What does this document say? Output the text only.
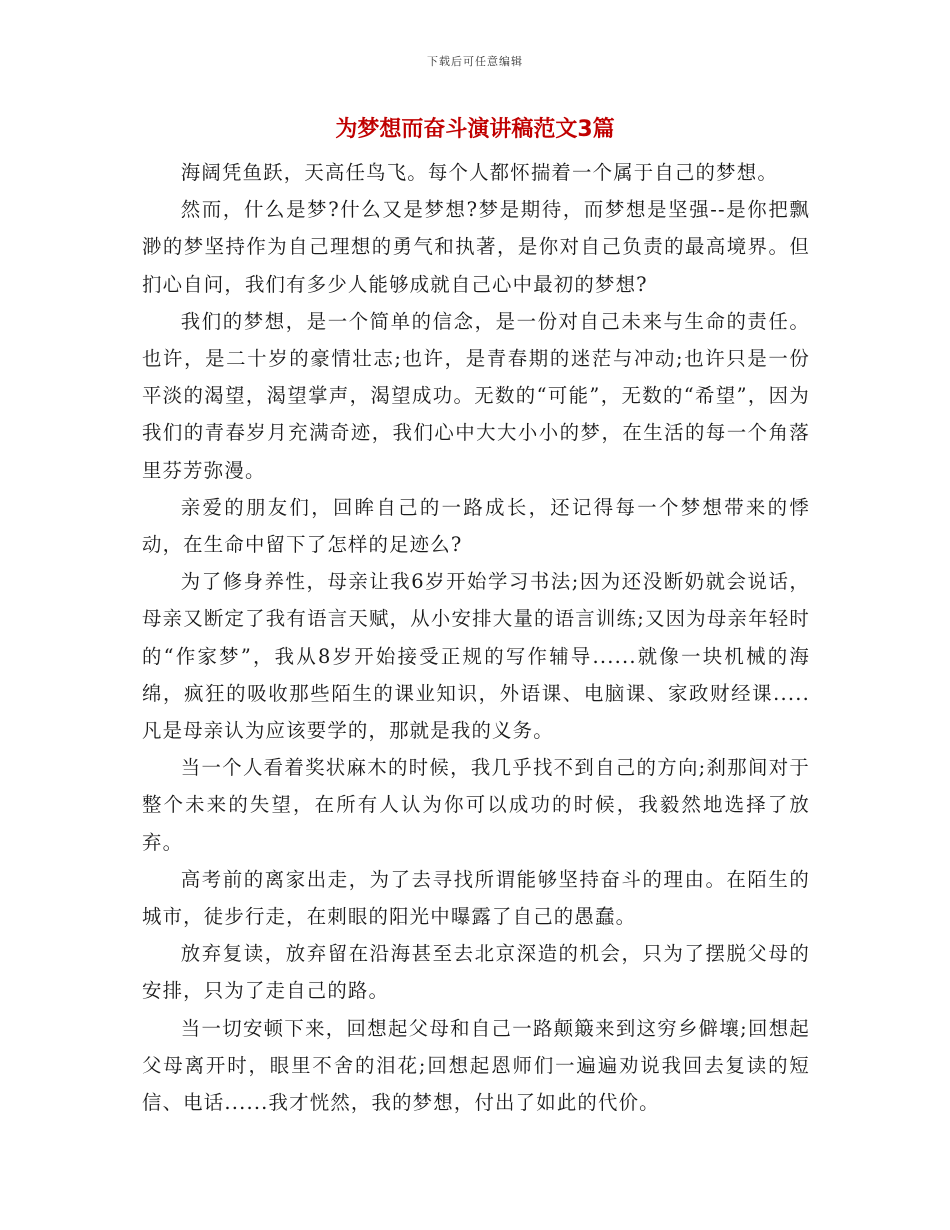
下载后可任意编辑
为梦想而奋斗演讲稿范文3篇

海阔凭鱼跃，天高任鸟飞。每个人都怀揣着一个属于自己的梦想。

然而，什么是梦?什么又是梦想?梦是期待，而梦想是坚强--是你把飘渺的梦坚持作为自己理想的勇气和执著，是你对自己负责的最高境界。但扪心自问，我们有多少人能够成就自己心中最初的梦想?

我们的梦想，是一个简单的信念，是一份对自己未来与生命的责任。也许，是二十岁的豪情壮志;也许，是青春期的迷茫与冲动;也许只是一份平淡的渴望，渴望掌声，渴望成功。无数的“可能”，无数的“希望”，因为我们的青春岁月充满奇迹，我们心中大大小小的梦，在生活的每一个角落里芬芳弥漫。

亲爱的朋友们，回眸自己的一路成长，还记得每一个梦想带来的悸动，在生命中留下了怎样的足迹么?

为了修身养性，母亲让我6岁开始学习书法;因为还没断奶就会说话，母亲又断定了我有语言天赋，从小安排大量的语言训练;又因为母亲年轻时的“作家梦”，我从8岁开始接受正规的写作辅导......就像一块机械的海绵，疯狂的吸收那些陌生的课业知识，外语课、电脑课、家政财经课.....凡是母亲认为应该要学的，那就是我的义务。

当一个人看着奖状麻木的时候，我几乎找不到自己的方向;刹那间对于整个未来的失望，在所有人认为你可以成功的时候，我毅然地选择了放弃。

高考前的离家出走，为了去寻找所谓能够坚持奋斗的理由。在陌生的城市，徒步行走，在刺眼的阳光中曝露了自己的愚蠢。

放弃复读，放弃留在沿海甚至去北京深造的机会，只为了摆脱父母的安排，只为了走自己的路。

当一切安顿下来，回想起父母和自己一路颠簸来到这穷乡僻壤;回想起父母离开时，眼里不舍的泪花;回想起恩师们一遍遍劝说我回去复读的短信、电话......我才恍然，我的梦想，付出了如此的代价。
